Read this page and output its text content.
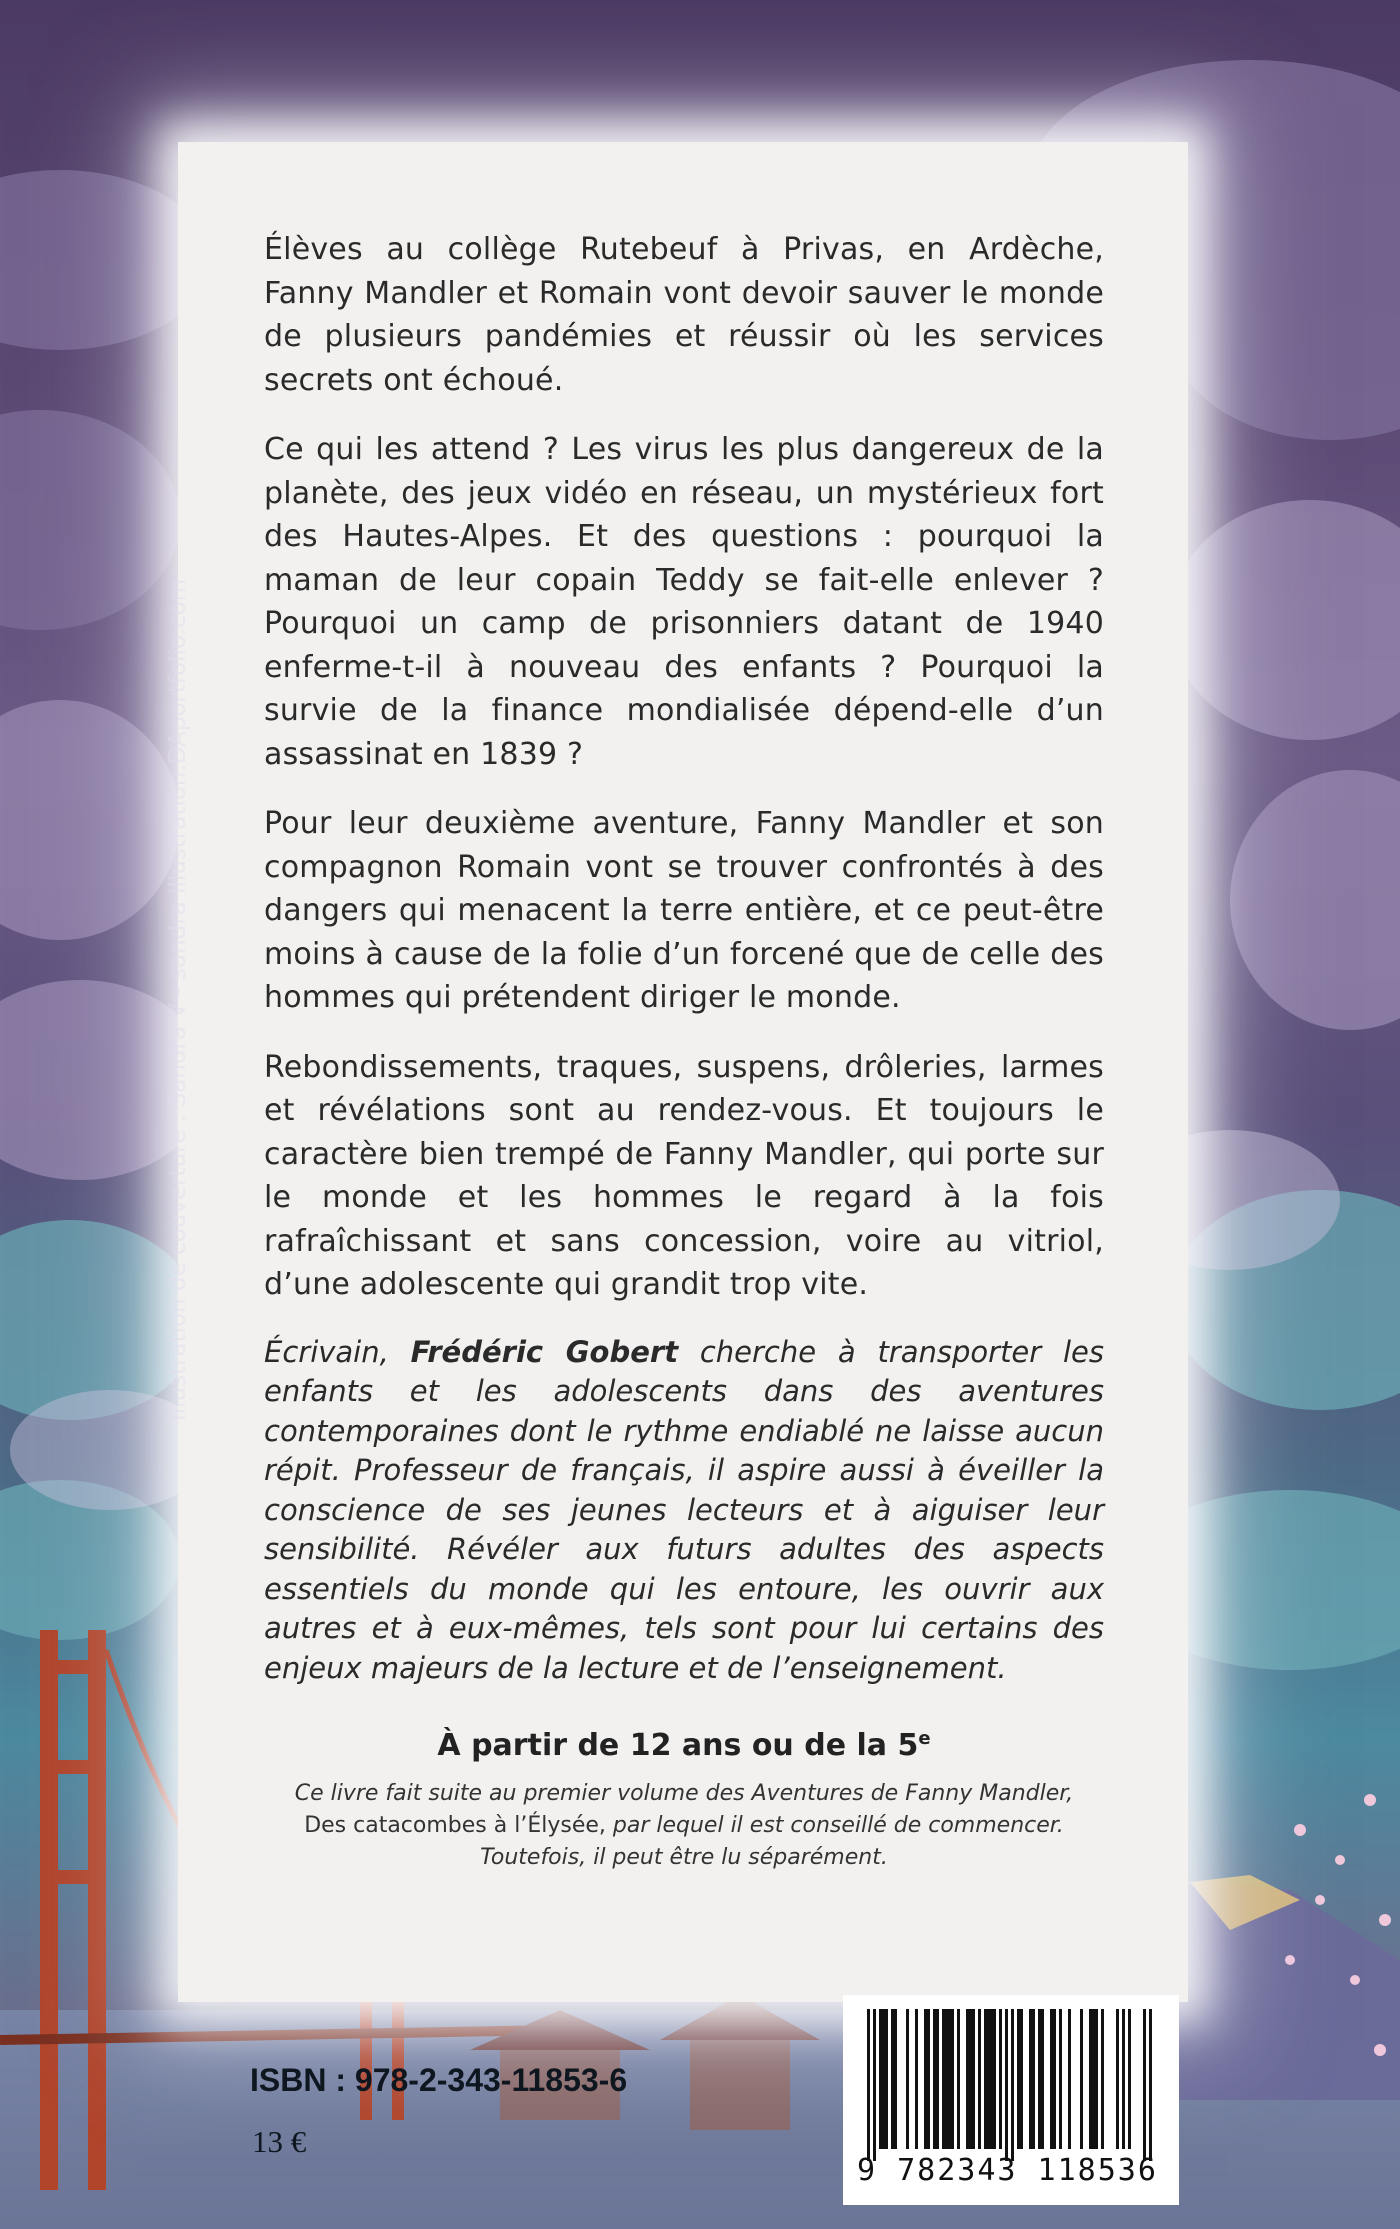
Illustration de couverture : Sandra V - sandra illustration.DAportfolio.com

Élèves au collège Rutebeuf à Privas, en Ardèche, Fanny Mandler et Romain vont devoir sauver le monde de plusieurs pandémies et réussir où les services secrets ont échoué.

Ce qui les attend ? Les virus les plus dangereux de la planète, des jeux vidéo en réseau, un mystérieux fort des Hautes-Alpes. Et des questions : pourquoi la maman de leur copain Teddy se fait-elle enlever ? Pourquoi un camp de prisonniers datant de 1940 enferme-t-il à nouveau des enfants ? Pourquoi la survie de la finance mondialisée dépend-elle d’un assassinat en 1839 ?

Pour leur deuxième aventure, Fanny Mandler et son compagnon Romain vont se trouver confrontés à des dangers qui menacent la terre entière, et ce peut-être moins à cause de la folie d’un forcené que de celle des hommes qui prétendent diriger le monde.

Rebondissements, traques, suspens, drôleries, larmes et révélations sont au rendez-vous. Et toujours le caractère bien trempé de Fanny Mandler, qui porte sur le monde et les hommes le regard à la fois rafraîchissant et sans concession, voire au vitriol, d’une adolescente qui grandit trop vite.

Écrivain, Frédéric Gobert cherche à transporter les enfants et les adolescents dans des aventures contemporaines dont le rythme endiablé ne laisse aucun répit. Professeur de français, il aspire aussi à éveiller la conscience de ses jeunes lecteurs et à aiguiser leur sensibilité. Révéler aux futurs adultes des aspects essentiels du monde qui les entoure, les ouvrir aux autres et à eux-mêmes, tels sont pour lui certains des enjeux majeurs de la lecture et de l’enseignement.

À partir de 12 ans ou de la 5e
Ce livre fait suite au premier volume des Aventures de Fanny Mandler,
Des catacombes à l’Élysée, par lequel il est conseillé de commencer.
Toutefois, il peut être lu séparément.
ISBN : 978-2-343-11853-6
13 €
9 782343 118536
